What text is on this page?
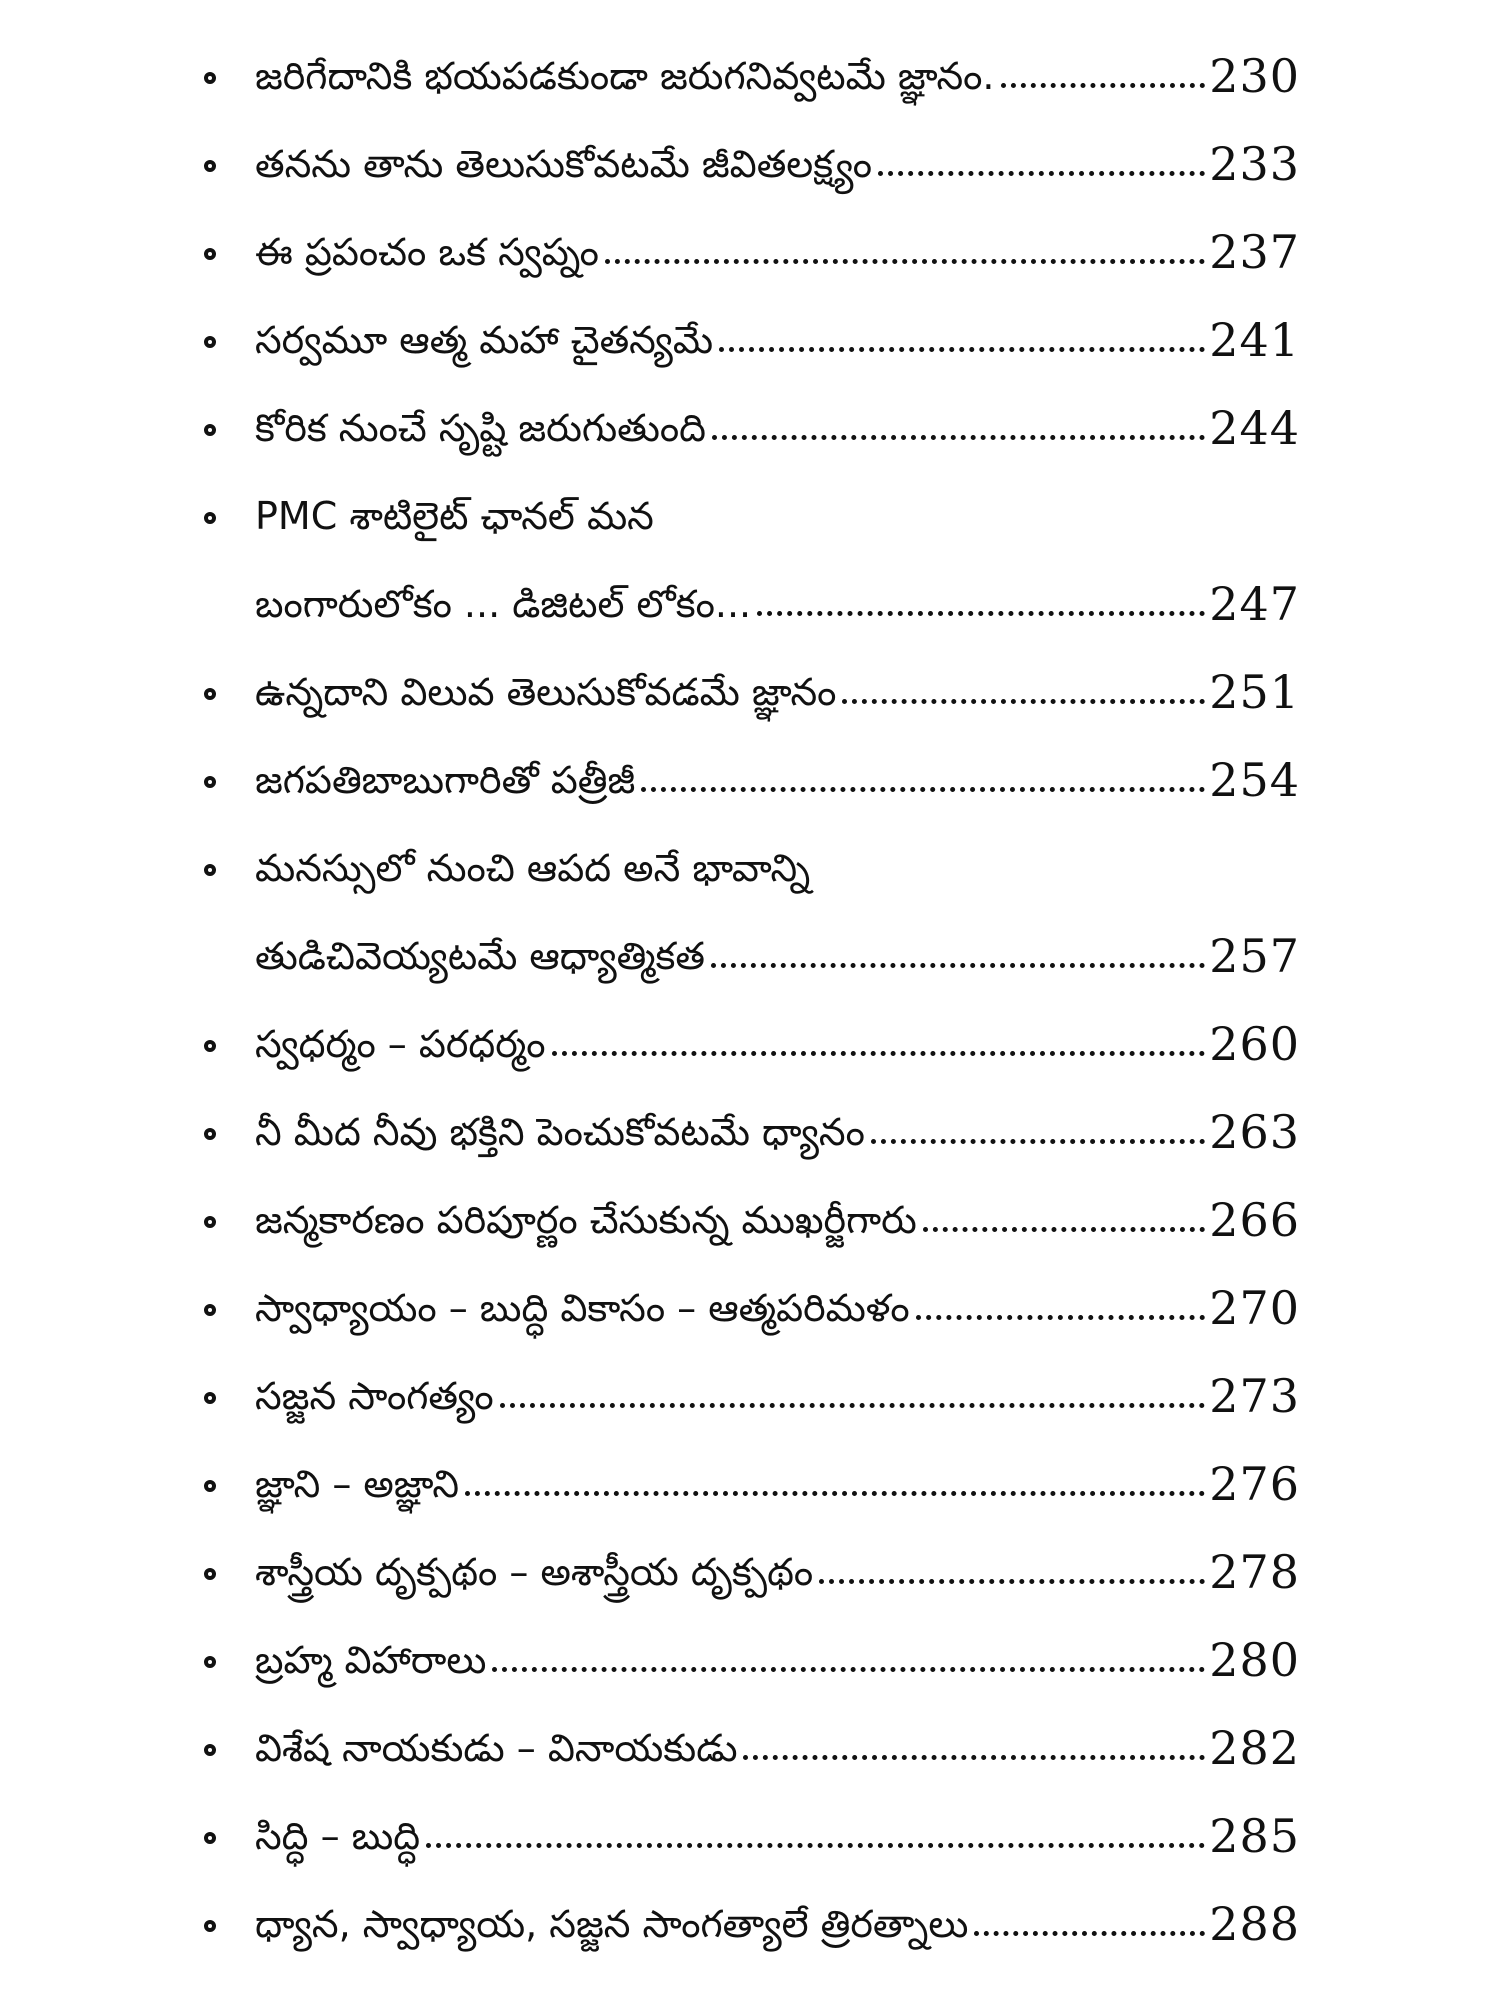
జరిగేదానికి భయపడకుండా జరుగనివ్వటమే జ్ఞానం.	230
తనను తాను తెలుసుకోవటమే జీవితలక్ష్యం	233
ఈ ప్రపంచం ఒక స్వప్నం	237
సర్వమూ ఆత్మ మహా చైతన్యమే	241
కోరిక నుంచే సృష్టి జరుగుతుంది	244
PMC శాటిలైట్ ఛానల్ మన
బంగారులోకం ... డిజిటల్ లోకం...	247
ఉన్నదాని విలువ తెలుసుకోవడమే జ్ఞానం	251
జగపతిబాబుగారితో పత్రీజీ	254
మనస్సులో నుంచి ఆపద అనే భావాన్ని
తుడిచివెయ్యటమే ఆధ్యాత్మికత	257
స్వధర్మం – పరధర్మం	260
నీ మీద నీవు భక్తిని పెంచుకోవటమే ధ్యానం	263
జన్మకారణం పరిపూర్ణం చేసుకున్న ముఖర్జీగారు	266
స్వాధ్యాయం – బుద్ధి వికాసం – ఆత్మపరిమళం	270
సజ్జన సాంగత్యం	273
జ్ఞాని – అజ్ఞాని	276
శాస్త్రీయ దృక్పథం – అశాస్త్రీయ దృక్పథం	278
బ్రహ్మ విహారాలు	280
విశేష నాయకుడు – వినాయకుడు	282
సిద్ధి – బుద్ధి	285
ధ్యాన, స్వాధ్యాయ, సజ్జన సాంగత్యాలే త్రిరత్నాలు	288
